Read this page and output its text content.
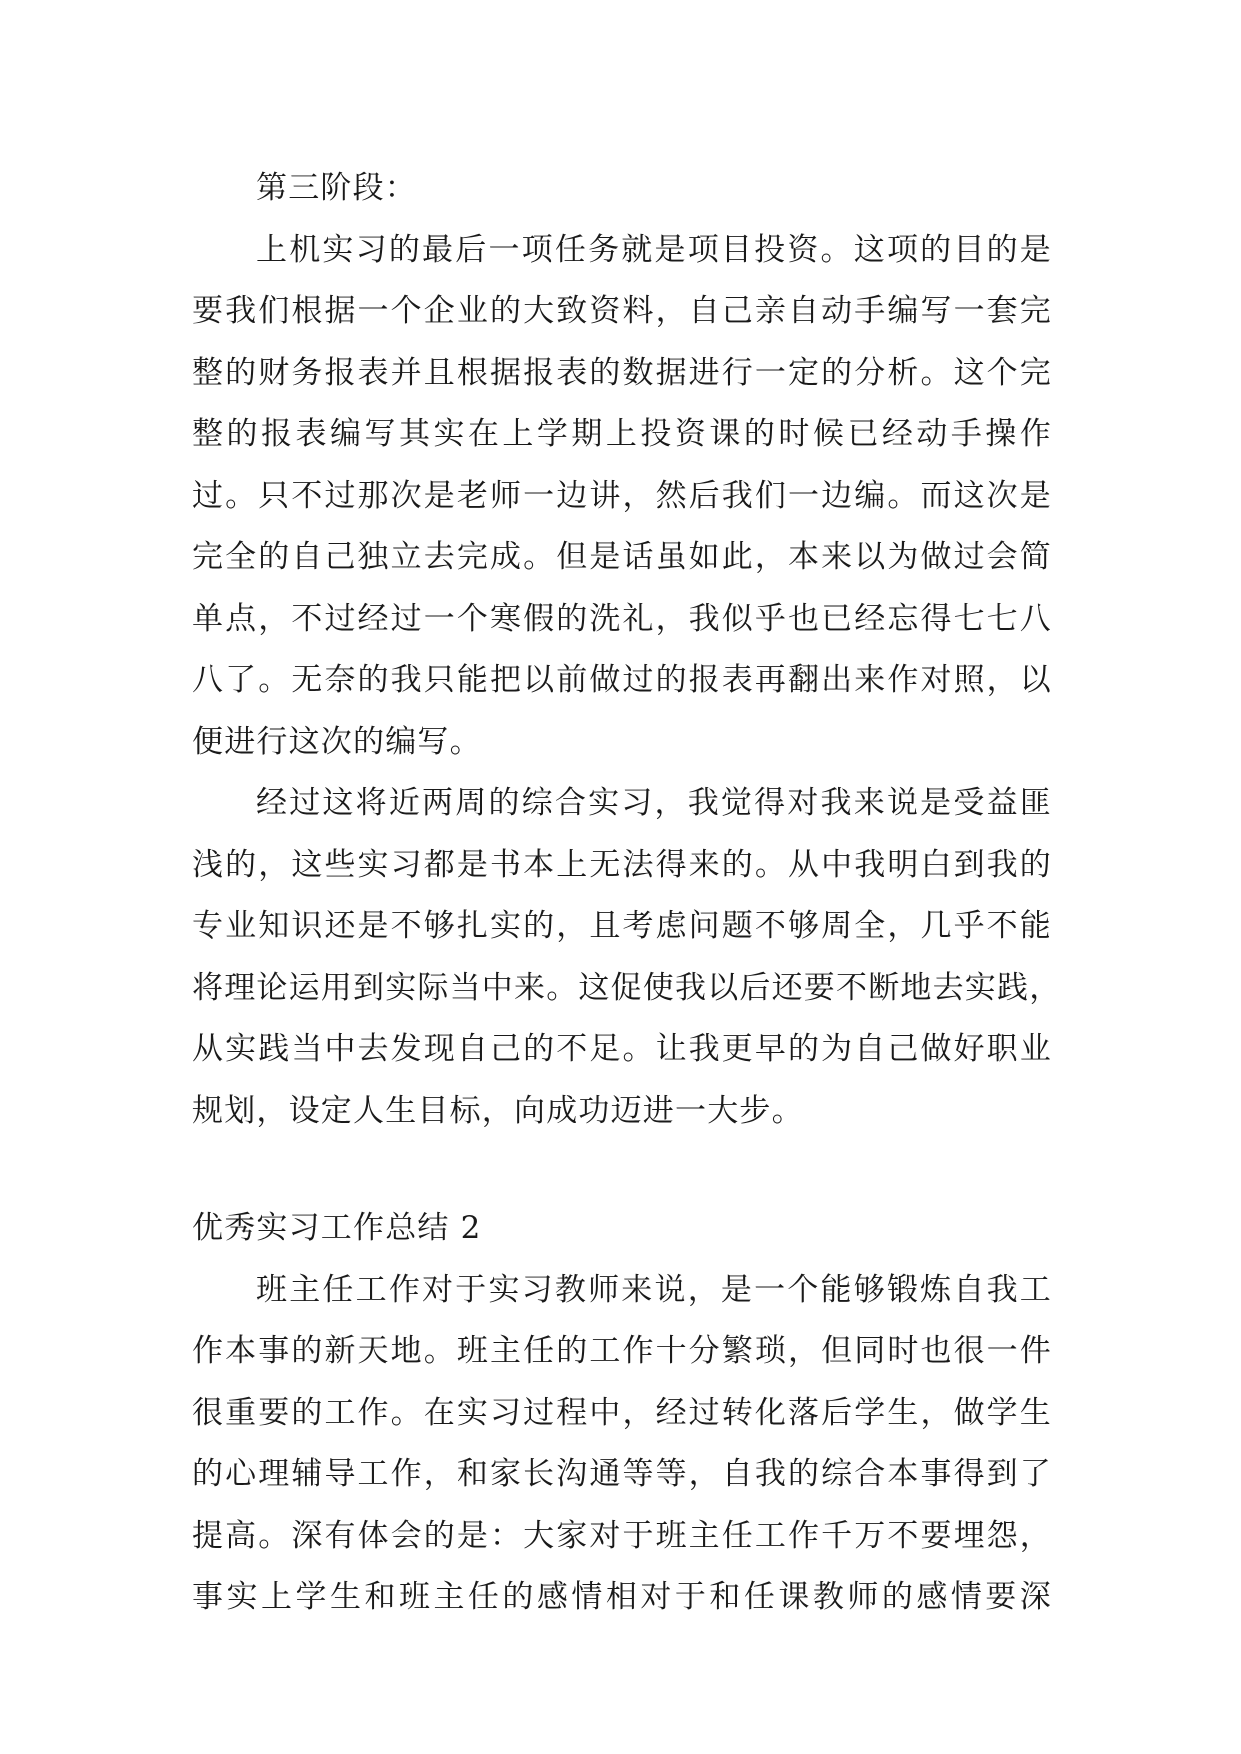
第三阶段：
上机实习的最后一项任务就是项目投资。这项的目的是
要我们根据一个企业的大致资料，自己亲自动手编写一套完
整的财务报表并且根据报表的数据进行一定的分析。这个完
整的报表编写其实在上学期上投资课的时候已经动手操作
过。只不过那次是老师一边讲，然后我们一边编。而这次是
完全的自己独立去完成。但是话虽如此，本来以为做过会简
单点，不过经过一个寒假的洗礼，我似乎也已经忘得七七八
八了。无奈的我只能把以前做过的报表再翻出来作对照，以
便进行这次的编写。
经过这将近两周的综合实习，我觉得对我来说是受益匪
浅的，这些实习都是书本上无法得来的。从中我明白到我的
专业知识还是不够扎实的，且考虑问题不够周全，几乎不能
将理论运用到实际当中来。这促使我以后还要不断地去实践，
从实践当中去发现自己的不足。让我更早的为自己做好职业
规划，设定人生目标，向成功迈进一大步。
优秀实习工作总结 2
班主任工作对于实习教师来说，是一个能够锻炼自我工
作本事的新天地。班主任的工作十分繁琐，但同时也很一件
很重要的工作。在实习过程中，经过转化落后学生，做学生
的心理辅导工作，和家长沟通等等，自我的综合本事得到了
提高。深有体会的是：大家对于班主任工作千万不要埋怨，
事实上学生和班主任的感情相对于和任课教师的感情要深
